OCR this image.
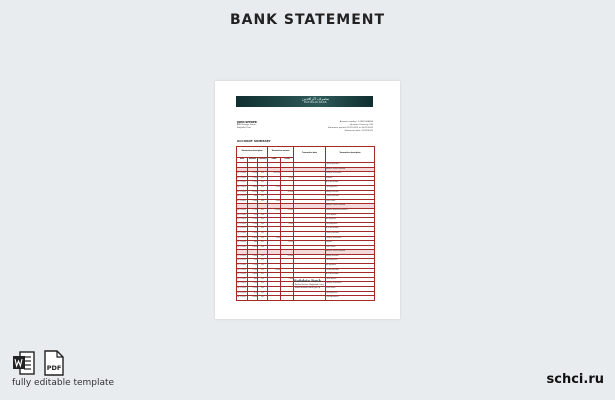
BANK STATEMENT
مصرف الرافدين
RAFIDAIN BANK
JOHN SPEKER
486 Portage Street,
Mayfield Com.
Account number: 1-1987-564826
Account Currency: IQD
Statement period: 01/11/2022 to 30/11/2022
Statement date: 01/12/2022
ACCOUNT SUMMARY
Transaction description			Transaction amount		Transaction date	Transaction description
Date	Amount	Currency	Debit	Credit		
						Opening balance
						Balance carried forward
01.11.2022	14,50	IQD	410,200			Transfer to account
02.11.2022	2,300	IQD		5,100		Deposit
03.11.2022	1,230	IQD				ATM withdrawal
04.11.2022	3,400	IQD	1,250			Card payment
05.11.2022	4,100	IQD		10,000		Salary received
06.11.2022	560	IQD				Online purchase
07.11.2022	2,000	IQD	3,000			Direct debit
						Balance carried forward
08.11.2022	1,750	IQD	12,000	12,000		Transfer between accounts
09.11.2022	950	IQD				Cash deposit
10.11.2022	3,100	IQD				Bill payment
11.11.2022	2,200	IQD		4,500		Card payment
12.11.2022	780	IQD				ATM withdrawal
13.11.2022	1,420	IQD				Online purchase
14.11.2022	5,000	IQD	1,200			Transfer to account
15.11.2022	640	IQD		8,100		Deposit
16.11.2022	2,850	IQD				Direct debit
						Balance carried forward
17.11.2022	1,300	IQD		20,000		Salary received
18.11.2022	920	IQD				Card payment
19.11.2022	3,700	IQD				Bill payment
20.11.2022	1,050	IQD	4,200			Online purchase
21.11.2022	2,400	IQD				ATM withdrawal
22.11.2022	600	IQD		2,000		Cash deposit
23.11.2022	1,900	IQD				Transfer to account
24.11.2022	3,250	IQD				Direct debit
25.11.2022	870	IQD				Card payment
26.11.2022	4,300	IQD				Closing balance
Rafidain Bank
17 Rashid Street, Baghdad, Iraq
www.rafidain-bank.gov.iq
PDF
fully editable template	schci.ru
